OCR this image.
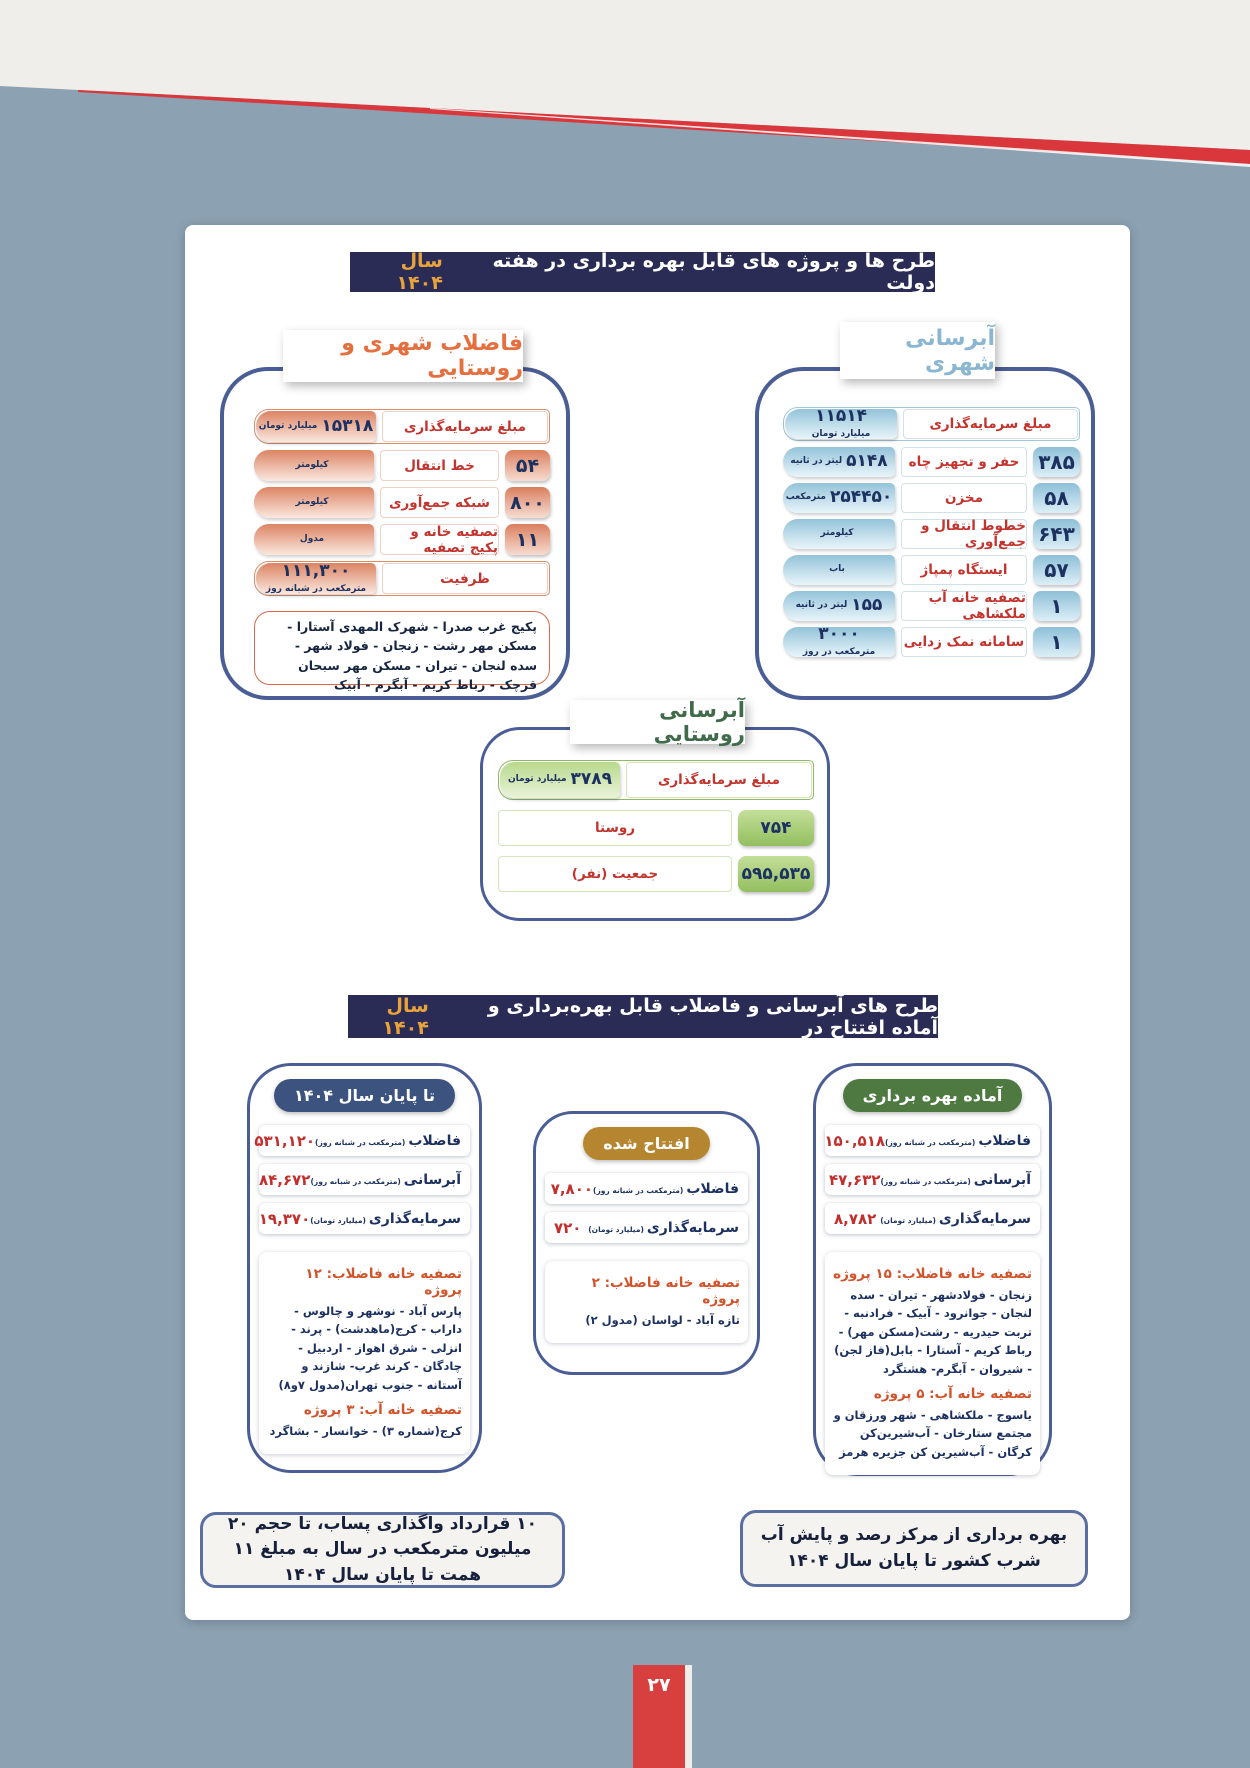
طرح ها و پروژه های قابل بهره برداری در هفته دولت
سال ۱۴۰۴
فاضلاب شهری و روستایی
مبلغ سرمایه‌گذاری
۱۵۳۱۸
میلیارد تومان
۵۴
خط انتقال
کیلومتر
۸۰۰
شبکه جمع‌آوری
کیلومتر
۱۱
تصفیه خانه و پکیج تصفیه
مدول
ظرفیت
۱۱۱,۳۰۰
مترمکعب در شبانه روز
پکیج غرب صدرا - شهرک المهدی آستارا - مسکن مهر رشت - زنجان - فولاد شهر - سده لنجان - تیران - مسکن مهر سبحان قرچک - رباط کریم - آبگرم - آبیک
آبرسانی شهری
مبلغ سرمایه‌گذاری
۱۱۵۱۴
میلیارد تومان
۳۸۵
حفر و تجهیز چاه
۵۱۴۸
لیتر در ثانیه
۵۸
مخزن
۲۵۴۴۵۰
مترمکعب
۶۴۳
خطوط انتقال و جمع‌آوری
کیلومتر
۵۷
ایستگاه پمپاژ
باب
۱
تصفیه خانه آب ملکشاهی
۱۵۵
لیتر در ثانیه
۱
سامانه نمک زدایی
۳۰۰۰
مترمکعب در روز
آبرسانی روستایی
مبلغ سرمایه‌گذاری
۳۷۸۹
میلیارد تومان
۷۵۴
روستا
۵۹۵,۵۳۵
جمعیت (نفر)
طرح های آبرسانی و فاضلاب قابل بهره‌برداری و آماده افتتاح در
سال ۱۴۰۴
تا پایان سال ۱۴۰۴
فاضلاب
(مترمکعب در شبانه روز)
۵۳۱,۱۲۰
آبرسانی
(مترمکعب در شبانه روز)
۸۴,۶۷۲
سرمایه‌گذاری
(میلیارد تومان)
۱۹,۳۷۰
تصفیه خانه فاضلاب: ۱۲ پروژه
پارس آباد - نوشهر و چالوس - داراب - کرج(ماهدشت) - پرند - انزلی - شرق اهواز - اردبیل - چادگان - کرند غرب- شازند و آستانه - جنوب تهران(مدول ۷و۸)
تصفیه خانه آب: ۳ پروژه
کرج(شماره ۳) - خوانسار - بشاگرد
افتتاح شده
فاضلاب
(مترمکعب در شبانه روز)
۷,۸۰۰
سرمایه‌گذاری
(میلیارد تومان)
۷۲۰
تصفیه خانه فاضلاب: ۲ پروژه
تازه آباد - لواسان (مدول ۲)
آماده بهره برداری
فاضلاب
(مترمکعب در شبانه روز)
۱۵۰,۵۱۸
آبرسانی
(مترمکعب در شبانه روز)
۴۷,۶۳۲
سرمایه‌گذاری
(میلیارد تومان)
۸,۷۸۲
تصفیه خانه فاضلاب: ۱۵ پروژه
زنجان - فولادشهر - تیران - سده لنجان - جوانرود - آبیک - فرادنبه - تربت حیدریه - رشت(مسکن مهر) - رباط کریم - آستارا - بابل(فاز لجن) - شیروان - آبگرم- هشتگرد
تصفیه خانه آب: ۵ پروژه
یاسوج - ملکشاهی - شهر ورزقان و مجتمع ستارخان - آب‌شیرین‌کن کرگان - آب‌شیرین کن جزیره هرمز
۱۰ قرارداد واگذاری پساب، تا حجم ۲۰ میلیون مترمکعب در سال به مبلغ ۱۱ همت تا پایان سال ۱۴۰۴
بهره برداری از مرکز رصد و پایش آب شرب کشور تا پایان سال ۱۴۰۴
۲۷
